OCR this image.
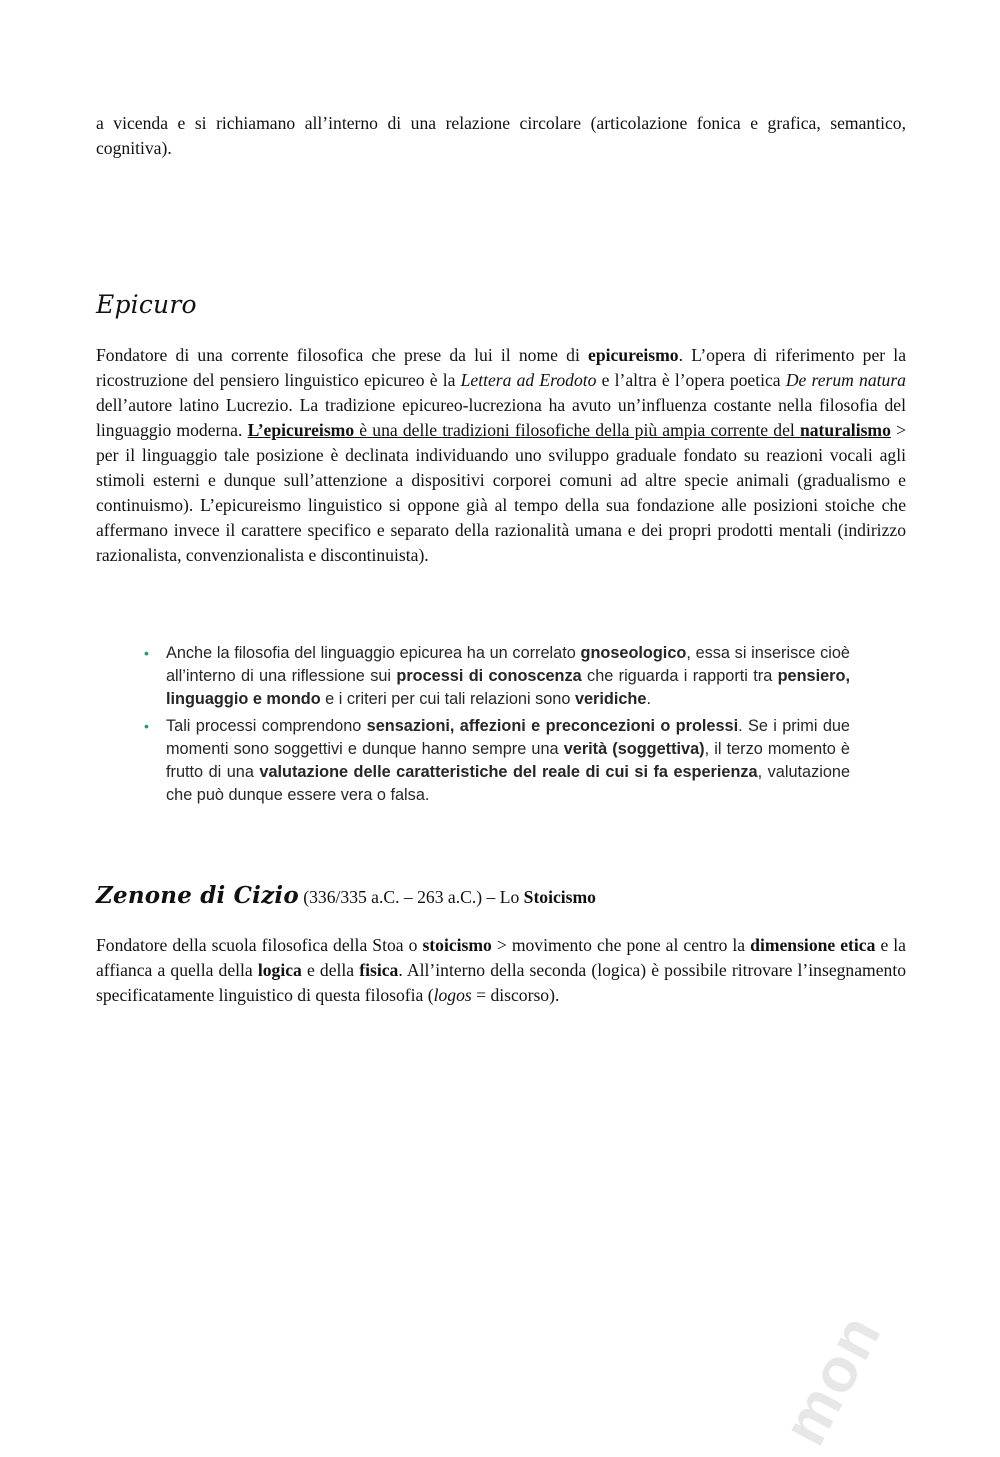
a vicenda e si richiamano all’interno di una relazione circolare (articolazione fonica e grafica, semantico, cognitiva).

Epicuro

Fondatore di una corrente filosofica che prese da lui il nome di epicureismo. L’opera di riferimento per la ricostruzione del pensiero linguistico epicureo è la Lettera ad Erodoto e l’altra è l’opera poetica De rerum natura dell’autore latino Lucrezio. La tradizione epicureo-lucreziona ha avuto un’influenza costante nella filosofia del linguaggio moderna. L’epicureismo è una delle tradizioni filosofiche della più ampia corrente del naturalismo > per il linguaggio tale posizione è declinata individuando uno sviluppo graduale fondato su reazioni vocali agli stimoli esterni e dunque sull’attenzione a dispositivi corporei comuni ad altre specie animali (gradualismo e continuismo). L’epicureismo linguistico si oppone già al tempo della sua fondazione alle posizioni stoiche che affermano invece il carattere specifico e separato della razionalità umana e dei propri prodotti mentali (indirizzo razionalista, convenzionalista e discontinuista).

• Anche la filosofia del linguaggio epicurea ha un correlato gnoseologico, essa si inserisce cioè all’interno di una riflessione sui processi di conoscenza che riguarda i rapporti tra pensiero, linguaggio e mondo e i criteri per cui tali relazioni sono veridiche.
• Tali processi comprendono sensazioni, affezioni e preconcezioni o prolessi. Se i primi due momenti sono soggettivi e dunque hanno sempre una verità (soggettiva), il terzo momento è frutto di una valutazione delle caratteristiche del reale di cui si fa esperienza, valutazione che può dunque essere vera o falsa.
mon
Zenone di Cizio (336/335 a.C. – 263 a.C.) – Lo Stoicismo

Fondatore della scuola filosofica della Stoa o stoicismo > movimento che pone al centro la dimensione etica e la affianca a quella della logica e della fisica. All’interno della seconda (logica) è possibile ritrovare l’insegnamento specificatamente linguistico di questa filosofia (logos = discorso).
